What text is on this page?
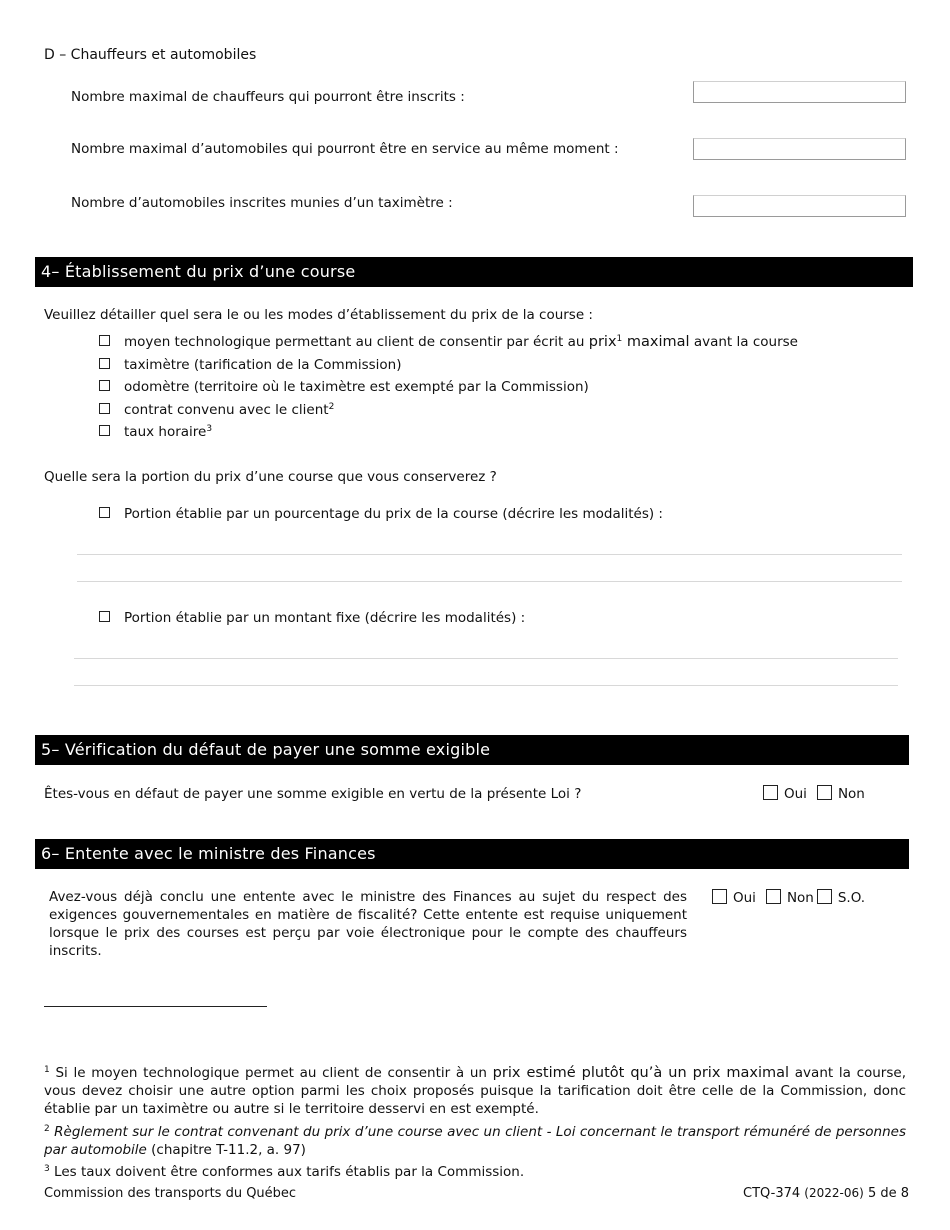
D – Chauffeurs et automobiles
Nombre maximal de chauffeurs qui pourront être inscrits :
Nombre maximal d’automobiles qui pourront être en service au même moment :
Nombre d’automobiles inscrites munies d’un taximètre :
4– Établissement du prix d’une course
Veuillez détailler quel sera le ou les modes d’établissement du prix de la course :
moyen technologique permettant au client de consentir par écrit au prix$^1$ maximal avant la course
taximètre (tarification de la Commission)
odomètre (territoire où le taximètre est exempté par la Commission)
contrat convenu avec le client$^2$
taux horaire$^3$
Quelle sera la portion du prix d’une course que vous conserverez ?
Portion établie par un pourcentage du prix de la course (décrire les modalités) :
Portion établie par un montant fixe (décrire les modalités) :
5– Vérification du défaut de payer une somme exigible
Êtes-vous en défaut de payer une somme exigible en vertu de la présente Loi ?	Oui Non
6– Entente avec le ministre des Finances
Avez-vous déjà conclu une entente avec le ministre des Finances au sujet du respect des
exigences gouvernementales en matière de fiscalité? Cette entente est requise uniquement
lorsque le prix des courses est perçu par voie électronique pour le compte des chauffeurs
inscrits.
Oui Non S.O.
$^1$ Si le moyen technologique permet au client de consentir à un prix estimé plutôt qu’à un prix maximal avant la course, vous devez choisir une autre option parmi les choix proposés puisque la tarification doit être celle de la Commission, donc établie par un taximètre ou autre si le territoire desservi en est exempté.
$^2$ Règlement sur le contrat convenant du prix d’une course avec un client - Loi concernant le transport rémunéré de personnes par automobile (chapitre T-11.2, a. 97)
$^3$ Les taux doivent être conformes aux tarifs établis par la Commission.
Commission des transports du Québec	CTQ-374 (2022-06) 5 de 8
